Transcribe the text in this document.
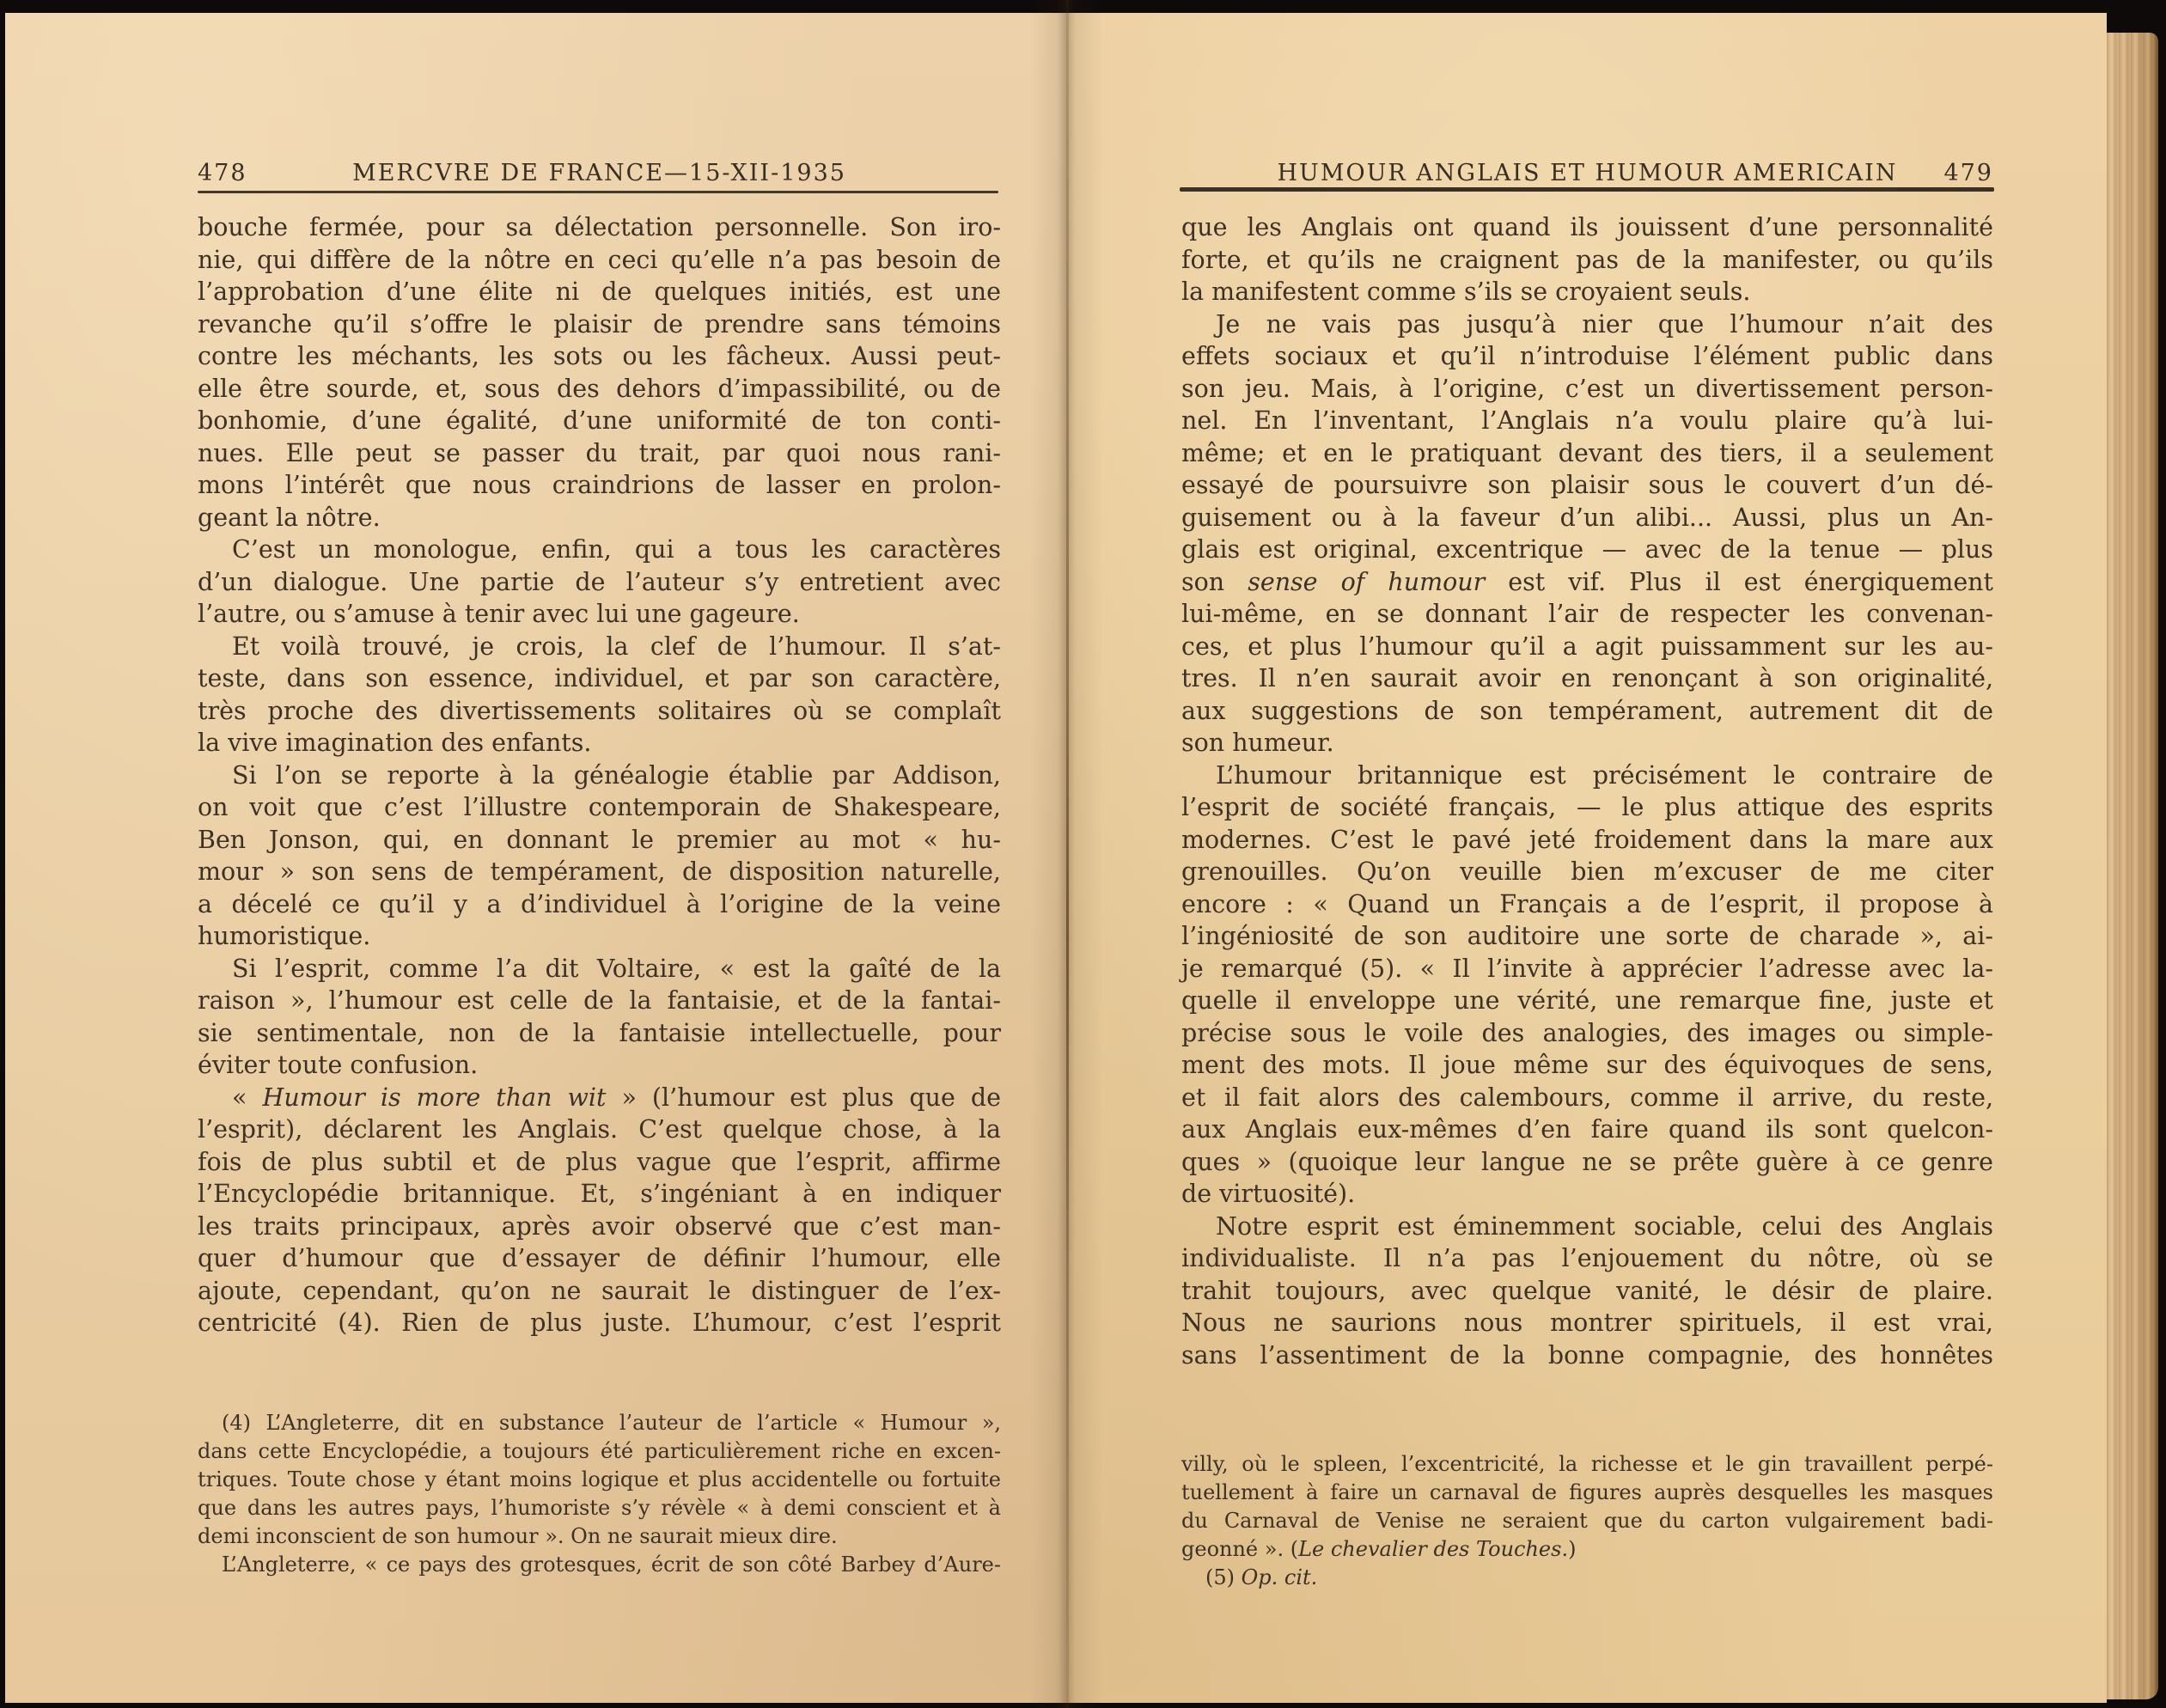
478	MERCVRE DE FRANCE—15-XII-1935
bouche fermée, pour sa délectation personnelle. Son iro-
nie, qui diffère de la nôtre en ceci qu’elle n’a pas besoin de
l’approbation d’une élite ni de quelques initiés, est une
revanche qu’il s’offre le plaisir de prendre sans témoins
contre les méchants, les sots ou les fâcheux. Aussi peut-
elle être sourde, et, sous des dehors d’impassibilité, ou de
bonhomie, d’une égalité, d’une uniformité de ton conti-
nues. Elle peut se passer du trait, par quoi nous rani-
mons l’intérêt que nous craindrions de lasser en prolon-
geant la nôtre.
C’est un monologue, enfin, qui a tous les caractères
d’un dialogue. Une partie de l’auteur s’y entretient avec
l’autre, ou s’amuse à tenir avec lui une gageure.
Et voilà trouvé, je crois, la clef de l’humour. Il s’at-
teste, dans son essence, individuel, et par son caractère,
très proche des divertissements solitaires où se complaît
la vive imagination des enfants.
Si l’on se reporte à la généalogie établie par Addison,
on voit que c’est l’illustre contemporain de Shakespeare,
Ben Jonson, qui, en donnant le premier au mot « hu-
mour » son sens de tempérament, de disposition naturelle,
a décelé ce qu’il y a d’individuel à l’origine de la veine
humoristique.
Si l’esprit, comme l’a dit Voltaire, « est la gaîté de la
raison », l’humour est celle de la fantaisie, et de la fantai-
sie sentimentale, non de la fantaisie intellectuelle, pour
éviter toute confusion.
« Humour is more than wit » (l’humour est plus que de
l’esprit), déclarent les Anglais. C’est quelque chose, à la
fois de plus subtil et de plus vague que l’esprit, affirme
l’Encyclopédie britannique. Et, s’ingéniant à en indiquer
les traits principaux, après avoir observé que c’est man-
quer d’humour que d’essayer de définir l’humour, elle
ajoute, cependant, qu’on ne saurait le distinguer de l’ex-
centricité (4). Rien de plus juste. L’humour, c’est l’esprit
(4) L’Angleterre, dit en substance l’auteur de l’article « Humour »,
dans cette Encyclopédie, a toujours été particulièrement riche en excen-
triques. Toute chose y étant moins logique et plus accidentelle ou fortuite
que dans les autres pays, l’humoriste s’y révèle « à demi conscient et à
demi inconscient de son humour ». On ne saurait mieux dire.
L’Angleterre, « ce pays des grotesques, écrit de son côté Barbey d’Aure-
HUMOUR ANGLAIS ET HUMOUR AMERICAIN	479
que les Anglais ont quand ils jouissent d’une personnalité
forte, et qu’ils ne craignent pas de la manifester, ou qu’ils
la manifestent comme s’ils se croyaient seuls.
Je ne vais pas jusqu’à nier que l’humour n’ait des
effets sociaux et qu’il n’introduise l’élément public dans
son jeu. Mais, à l’origine, c’est un divertissement person-
nel. En l’inventant, l’Anglais n’a voulu plaire qu’à lui-
même; et en le pratiquant devant des tiers, il a seulement
essayé de poursuivre son plaisir sous le couvert d’un dé-
guisement ou à la faveur d’un alibi... Aussi, plus un An-
glais est original, excentrique — avec de la tenue — plus
son sense of humour est vif. Plus il est énergiquement
lui-même, en se donnant l’air de respecter les convenan-
ces, et plus l’humour qu’il a agit puissamment sur les au-
tres. Il n’en saurait avoir en renonçant à son originalité,
aux suggestions de son tempérament, autrement dit de
son humeur.
L’humour britannique est précisément le contraire de
l’esprit de société français, — le plus attique des esprits
modernes. C’est le pavé jeté froidement dans la mare aux
grenouilles. Qu’on veuille bien m’excuser de me citer
encore : « Quand un Français a de l’esprit, il propose à
l’ingéniosité de son auditoire une sorte de charade », ai-
je remarqué (5). « Il l’invite à apprécier l’adresse avec la-
quelle il enveloppe une vérité, une remarque fine, juste et
précise sous le voile des analogies, des images ou simple-
ment des mots. Il joue même sur des équivoques de sens,
et il fait alors des calembours, comme il arrive, du reste,
aux Anglais eux-mêmes d’en faire quand ils sont quelcon-
ques » (quoique leur langue ne se prête guère à ce genre
de virtuosité).
Notre esprit est éminemment sociable, celui des Anglais
individualiste. Il n’a pas l’enjouement du nôtre, où se
trahit toujours, avec quelque vanité, le désir de plaire.
Nous ne saurions nous montrer spirituels, il est vrai,
sans l’assentiment de la bonne compagnie, des honnêtes
villy, où le spleen, l’excentricité, la richesse et le gin travaillent perpé-
tuellement à faire un carnaval de figures auprès desquelles les masques
du Carnaval de Venise ne seraient que du carton vulgairement badi-
geonné ». (Le chevalier des Touches.)
(5) Op. cit.
